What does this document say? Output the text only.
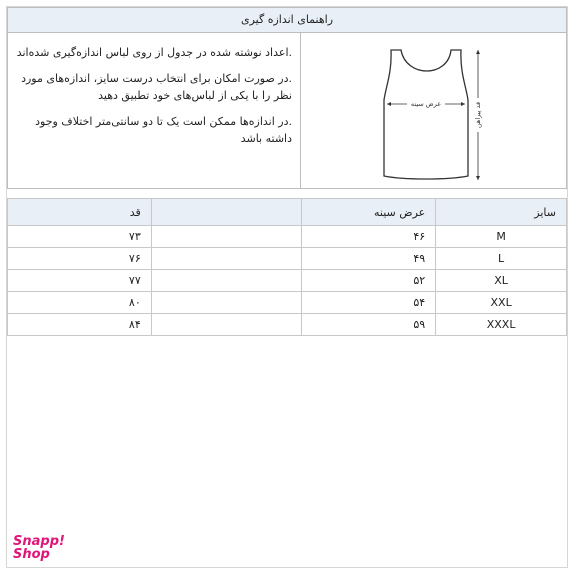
راهنمای اندازه گیری

.اعداد نوشته شده در جدول از روی لباس اندازه‌گیری شده‌اند

.در صورت امکان برای انتخاب درست سایز، اندازه‌های مورد نظر را با یکی از لباس‌های خود تطبیق دهید

.در اندازه‌ها ممکن است یک تا دو سانتی‌متر اختلاف وجود داشته باشد

عرض سینه	قد پیراهن
سایز	عرض سینه		قد
M	۴۶		۷۳
L	۴۹		۷۶
XL	۵۲		۷۷
XXL	۵۴		۸۰
XXXL	۵۹		۸۴
Snapp!
Shop
